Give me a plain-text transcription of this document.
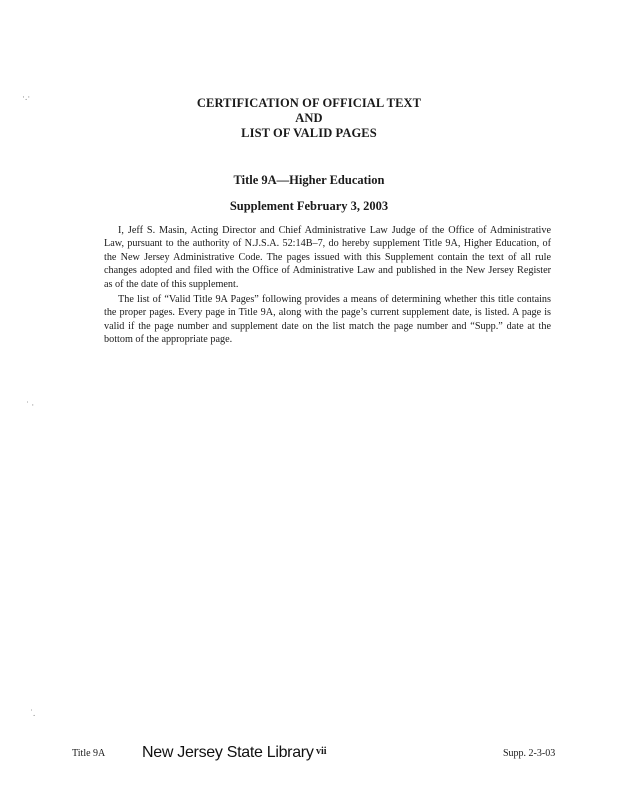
CERTIFICATION OF OFFICIAL TEXT
AND
LIST OF VALID PAGES
Title 9A—Higher Education
Supplement February 3, 2003

I, Jeff S. Masin, Acting Director and Chief Administrative Law Judge of the Office of Administrative Law, pursuant to the authority of N.J.S.A. 52:14B–7, do hereby supplement Title 9A, Higher Education, of the New Jersey Administrative Code. The pages issued with this Supplement contain the text of all rule changes adopted and filed with the Office of Administrative Law and published in the New Jersey Register as of the date of this supplement.

The list of “Valid Title 9A Pages” following provides a means of determining whether this title contains the proper pages. Every page in Title 9A, along with the page’s current supplement date, is listed. A page is valid if the page number and supplement date on the list match the page number and “Supp.” date at the bottom of the appropriate page.

·.·
˙ ·
˙.
Title 9A New Jersey State Library vii	Supp. 2-3-03
